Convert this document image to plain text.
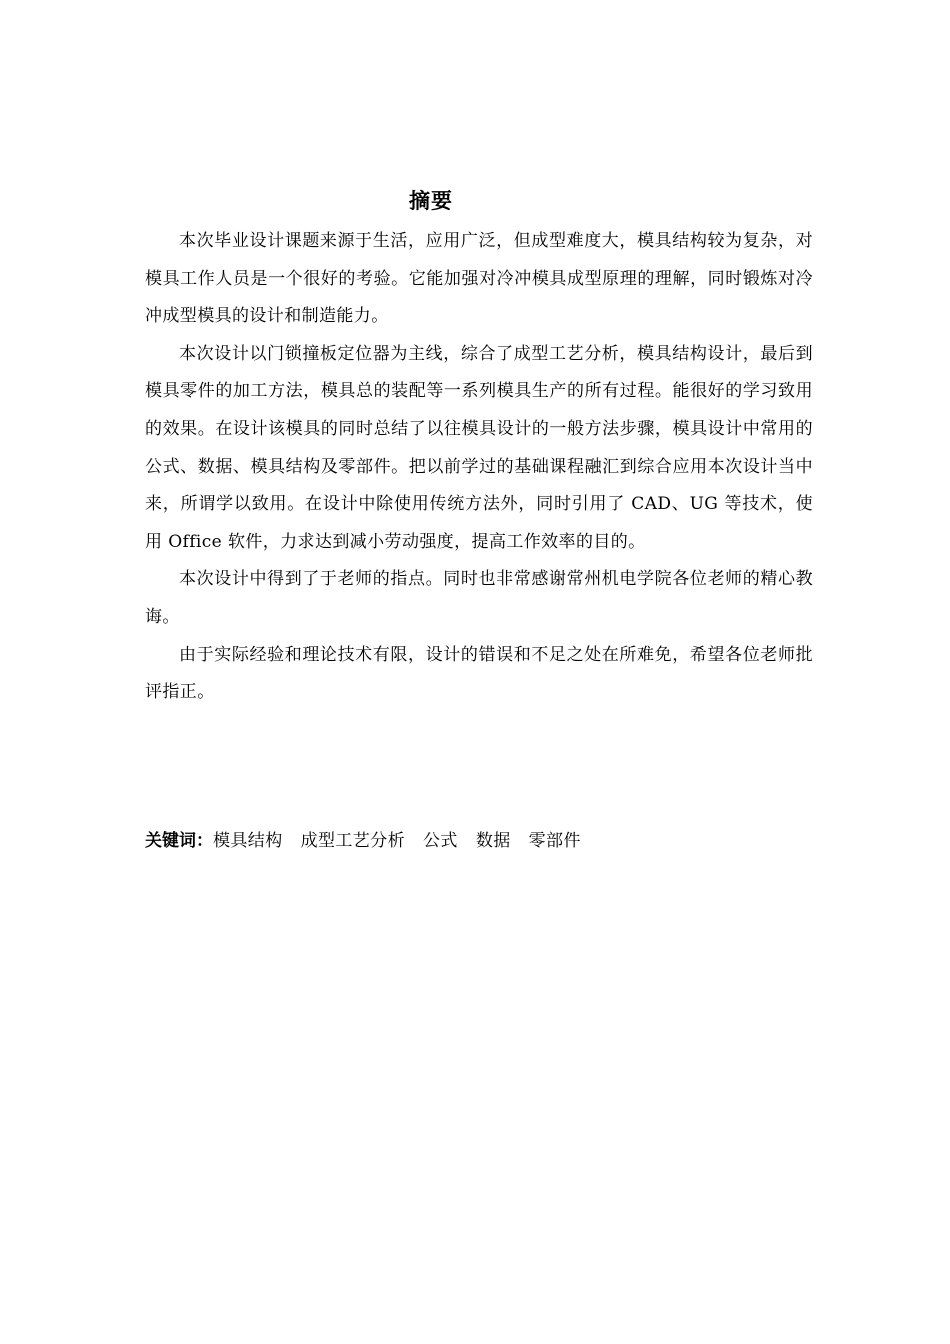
摘要

本次毕业设计课题来源于生活，应用广泛，但成型难度大，模具结构较为复杂，对模具工作人员是一个很好的考验。它能加强对冷冲模具成型原理的理解，同时锻炼对冷冲成型模具的设计和制造能力。

本次设计以门锁撞板定位器为主线，综合了成型工艺分析，模具结构设计，最后到模具零件的加工方法，模具总的装配等一系列模具生产的所有过程。能很好的学习致用的效果。在设计该模具的同时总结了以往模具设计的一般方法步骤，模具设计中常用的公式、数据、模具结构及零部件。把以前学过的基础课程融汇到综合应用本次设计当中来，所谓学以致用。在设计中除使用传统方法外，同时引用了 CAD、UG 等技术，使用 Office 软件，力求达到减小劳动强度，提高工作效率的目的。

本次设计中得到了于老师的指点。同时也非常感谢常州机电学院各位老师的精心教诲。

由于实际经验和理论技术有限，设计的错误和不足之处在所难免，希望各位老师批评指正。

关键词：模具结构 成型工艺分析 公式 数据 零部件
